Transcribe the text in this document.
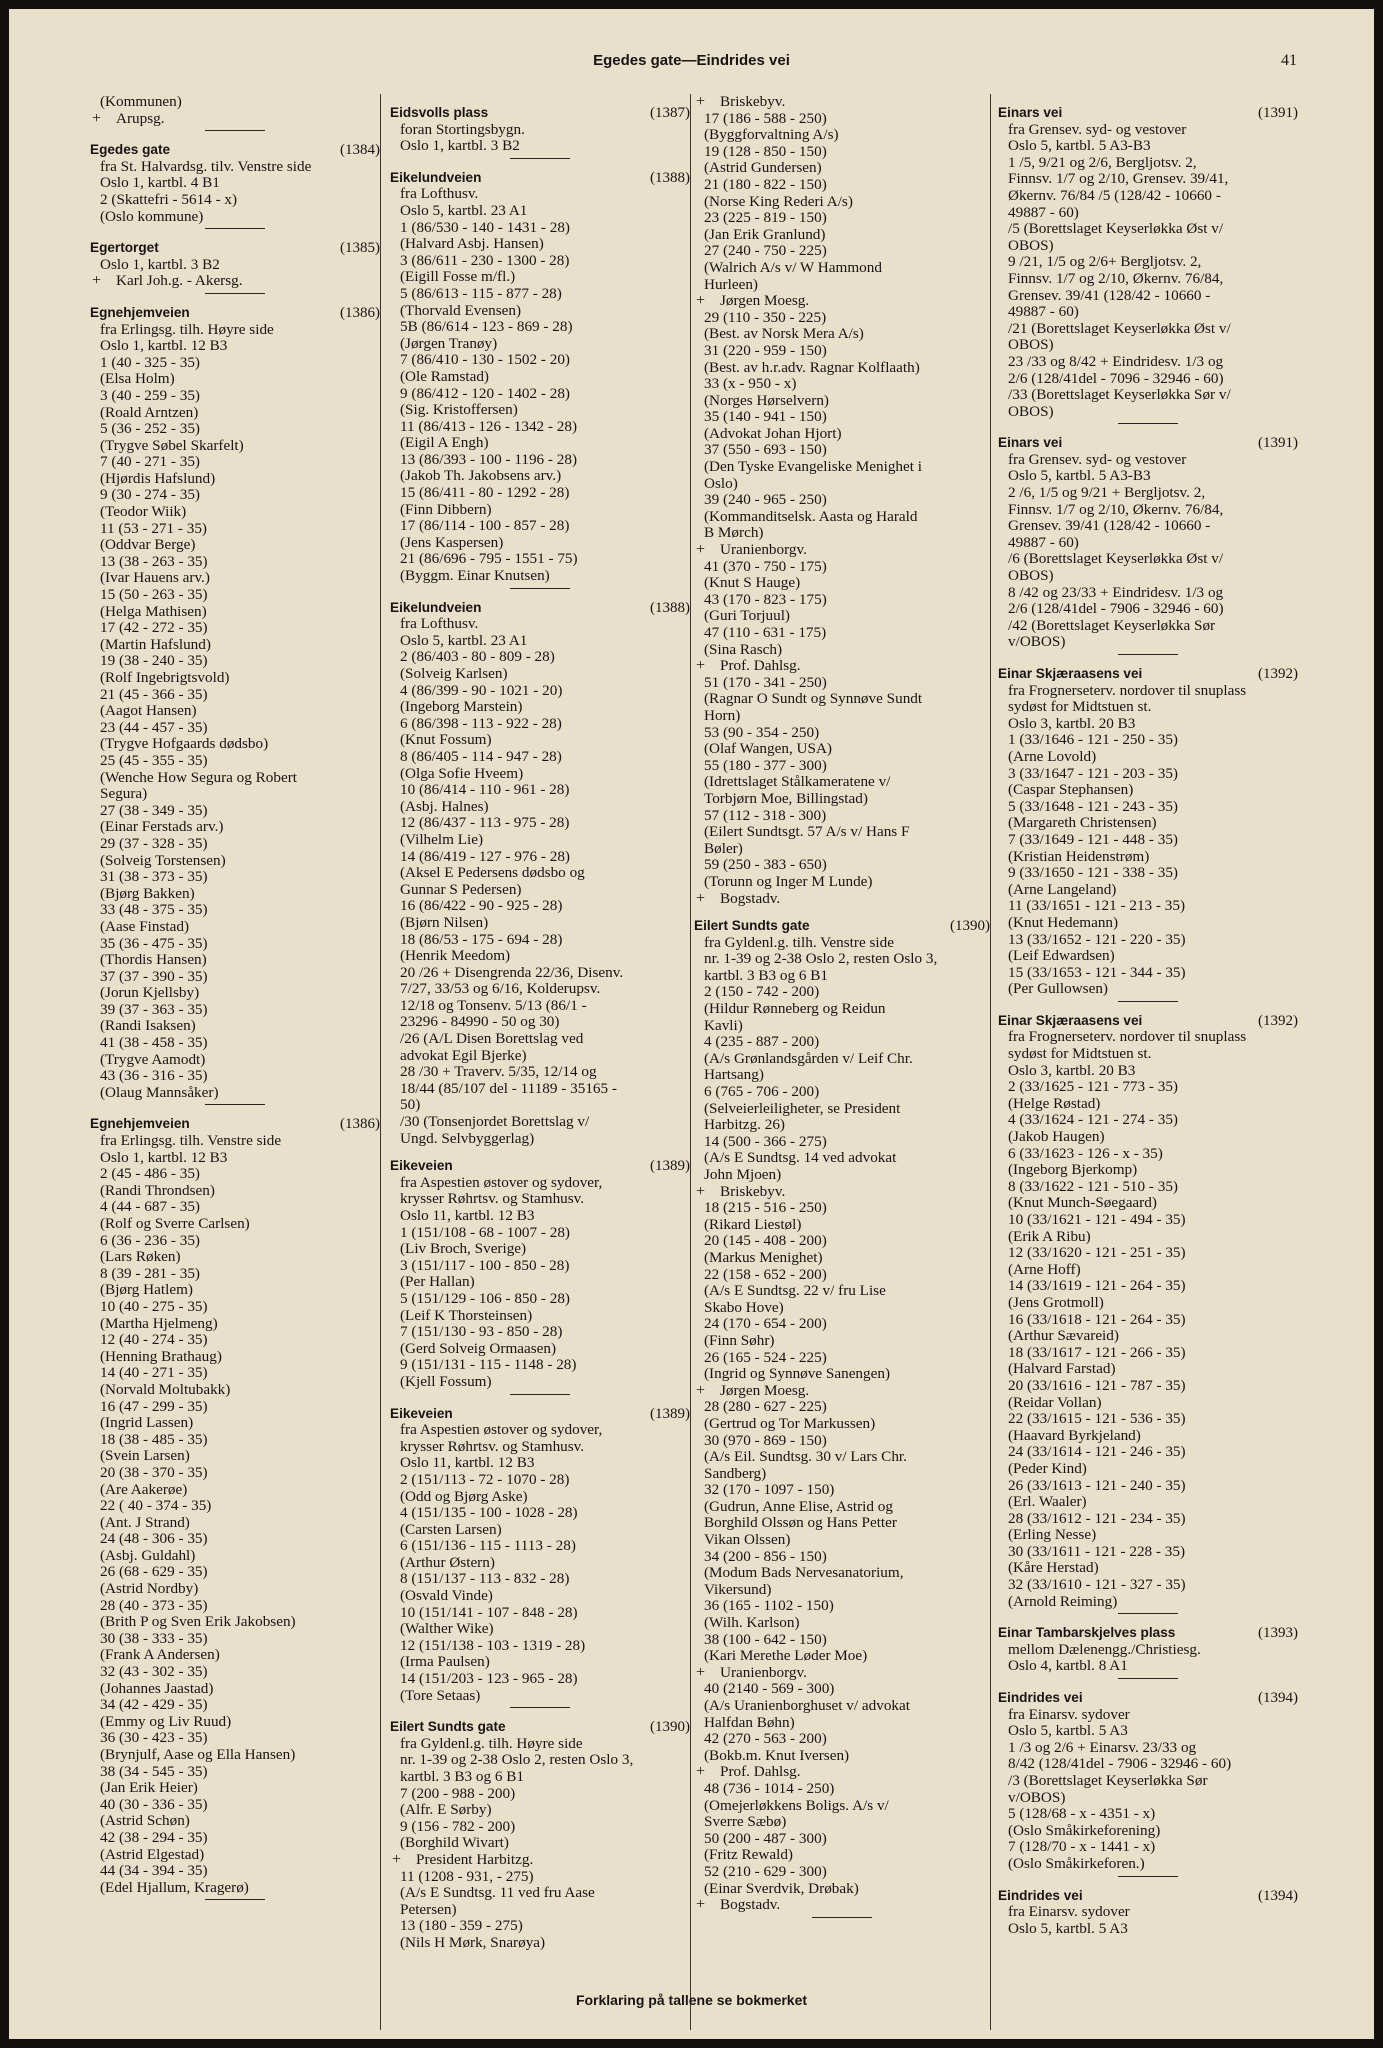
Egedes gate—Eindrides vei	41
(Kommunen)
+ Arupsg.
Egedes gate	(1384)
fra St. Halvardsg. tilv. Venstre side
Oslo 1, kartbl. 4 B1
2 (Skattefri - 5614 - x)
(Oslo kommune)
Egertorget	(1385)
Oslo 1, kartbl. 3 B2
+ Karl Joh.g. - Akersg.
Egnehjemveien	(1386)
fra Erlingsg. tilh. Høyre side
Oslo 1, kartbl. 12 B3
1 (40 - 325 - 35)
(Elsa Holm)
3 (40 - 259 - 35)
(Roald Arntzen)
5 (36 - 252 - 35)
(Trygve Søbel Skarfelt)
7 (40 - 271 - 35)
(Hjørdis Hafslund)
9 (30 - 274 - 35)
(Teodor Wiik)
11 (53 - 271 - 35)
(Oddvar Berge)
13 (38 - 263 - 35)
(Ivar Hauens arv.)
15 (50 - 263 - 35)
(Helga Mathisen)
17 (42 - 272 - 35)
(Martin Hafslund)
19 (38 - 240 - 35)
(Rolf Ingebrigtsvold)
21 (45 - 366 - 35)
(Aagot Hansen)
23 (44 - 457 - 35)
(Trygve Hofgaards dødsbo)
25 (45 - 355 - 35)
(Wenche How Segura og Robert
Segura)
27 (38 - 349 - 35)
(Einar Ferstads arv.)
29 (37 - 328 - 35)
(Solveig Torstensen)
31 (38 - 373 - 35)
(Bjørg Bakken)
33 (48 - 375 - 35)
(Aase Finstad)
35 (36 - 475 - 35)
(Thordis Hansen)
37 (37 - 390 - 35)
(Jorun Kjellsby)
39 (37 - 363 - 35)
(Randi Isaksen)
41 (38 - 458 - 35)
(Trygve Aamodt)
43 (36 - 316 - 35)
(Olaug Mannsåker)
Egnehjemveien	(1386)
fra Erlingsg. tilh. Venstre side
Oslo 1, kartbl. 12 B3
2 (45 - 486 - 35)
(Randi Throndsen)
4 (44 - 687 - 35)
(Rolf og Sverre Carlsen)
6 (36 - 236 - 35)
(Lars Røken)
8 (39 - 281 - 35)
(Bjørg Hatlem)
10 (40 - 275 - 35)
(Martha Hjelmeng)
12 (40 - 274 - 35)
(Henning Brathaug)
14 (40 - 271 - 35)
(Norvald Moltubakk)
16 (47 - 299 - 35)
(Ingrid Lassen)
18 (38 - 485 - 35)
(Svein Larsen)
20 (38 - 370 - 35)
(Are Aakerøe)
22 ( 40 - 374 - 35)
(Ant. J Strand)
24 (48 - 306 - 35)
(Asbj. Guldahl)
26 (68 - 629 - 35)
(Astrid Nordby)
28 (40 - 373 - 35)
(Brith P og Sven Erik Jakobsen)
30 (38 - 333 - 35)
(Frank A Andersen)
32 (43 - 302 - 35)
(Johannes Jaastad)
34 (42 - 429 - 35)
(Emmy og Liv Ruud)
36 (30 - 423 - 35)
(Brynjulf, Aase og Ella Hansen)
38 (34 - 545 - 35)
(Jan Erik Heier)
40 (30 - 336 - 35)
(Astrid Schøn)
42 (38 - 294 - 35)
(Astrid Elgestad)
44 (34 - 394 - 35)
(Edel Hjallum, Kragerø)
Eidsvolls plass	(1387)
foran Stortingsbygn.
Oslo 1, kartbl. 3 B2
Eikelundveien	(1388)
fra Lofthusv.
Oslo 5, kartbl. 23 A1
1 (86/530 - 140 - 1431 - 28)
(Halvard Asbj. Hansen)
3 (86/611 - 230 - 1300 - 28)
(Eigill Fosse m/fl.)
5 (86/613 - 115 - 877 - 28)
(Thorvald Evensen)
5B (86/614 - 123 - 869 - 28)
(Jørgen Tranøy)
7 (86/410 - 130 - 1502 - 20)
(Ole Ramstad)
9 (86/412 - 120 - 1402 - 28)
(Sig. Kristoffersen)
11 (86/413 - 126 - 1342 - 28)
(Eigil A Engh)
13 (86/393 - 100 - 1196 - 28)
(Jakob Th. Jakobsens arv.)
15 (86/411 - 80 - 1292 - 28)
(Finn Dibbern)
17 (86/114 - 100 - 857 - 28)
(Jens Kaspersen)
21 (86/696 - 795 - 1551 - 75)
(Byggm. Einar Knutsen)
Eikelundveien	(1388)
fra Lofthusv.
Oslo 5, kartbl. 23 A1
2 (86/403 - 80 - 809 - 28)
(Solveig Karlsen)
4 (86/399 - 90 - 1021 - 20)
(Ingeborg Marstein)
6 (86/398 - 113 - 922 - 28)
(Knut Fossum)
8 (86/405 - 114 - 947 - 28)
(Olga Sofie Hveem)
10 (86/414 - 110 - 961 - 28)
(Asbj. Halnes)
12 (86/437 - 113 - 975 - 28)
(Vilhelm Lie)
14 (86/419 - 127 - 976 - 28)
(Aksel E Pedersens dødsbo og
Gunnar S Pedersen)
16 (86/422 - 90 - 925 - 28)
(Bjørn Nilsen)
18 (86/53 - 175 - 694 - 28)
(Henrik Meedom)
20 /26 + Disengrenda 22/36, Disenv.
7/27, 33/53 og 6/16, Kolderupsv.
12/18 og Tonsenv. 5/13 (86/1 -
23296 - 84990 - 50 og 30)
/26 (A/L Disen Borettslag ved
advokat Egil Bjerke)
28 /30 + Traverv. 5/35, 12/14 og
18/44 (85/107 del - 11189 - 35165 -
50)
/30 (Tonsenjordet Borettslag v/
Ungd. Selvbyggerlag)
Eikeveien	(1389)
fra Aspestien østover og sydover,
krysser Røhrtsv. og Stamhusv.
Oslo 11, kartbl. 12 B3
1 (151/108 - 68 - 1007 - 28)
(Liv Broch, Sverige)
3 (151/117 - 100 - 850 - 28)
(Per Hallan)
5 (151/129 - 106 - 850 - 28)
(Leif K Thorsteinsen)
7 (151/130 - 93 - 850 - 28)
(Gerd Solveig Ormaasen)
9 (151/131 - 115 - 1148 - 28)
(Kjell Fossum)
Eikeveien	(1389)
fra Aspestien østover og sydover,
krysser Røhrtsv. og Stamhusv.
Oslo 11, kartbl. 12 B3
2 (151/113 - 72 - 1070 - 28)
(Odd og Bjørg Aske)
4 (151/135 - 100 - 1028 - 28)
(Carsten Larsen)
6 (151/136 - 115 - 1113 - 28)
(Arthur Østern)
8 (151/137 - 113 - 832 - 28)
(Osvald Vinde)
10 (151/141 - 107 - 848 - 28)
(Walther Wike)
12 (151/138 - 103 - 1319 - 28)
(Irma Paulsen)
14 (151/203 - 123 - 965 - 28)
(Tore Setaas)
Eilert Sundts gate	(1390)
fra Gyldenl.g. tilh. Høyre side
nr. 1-39 og 2-38 Oslo 2, resten Oslo 3,
kartbl. 3 B3 og 6 B1
7 (200 - 988 - 200)
(Alfr. E Sørby)
9 (156 - 782 - 200)
(Borghild Wivart)
+ President Harbitzg.
11 (1208 - 931, - 275)
(A/s E Sundtsg. 11 ved fru Aase
Petersen)
13 (180 - 359 - 275)
(Nils H Mørk, Snarøya)
+ Briskebyv.
17 (186 - 588 - 250)
(Byggforvaltning A/s)
19 (128 - 850 - 150)
(Astrid Gundersen)
21 (180 - 822 - 150)
(Norse King Rederi A/s)
23 (225 - 819 - 150)
(Jan Erik Granlund)
27 (240 - 750 - 225)
(Walrich A/s v/ W Hammond
Hurleen)
+ Jørgen Moesg.
29 (110 - 350 - 225)
(Best. av Norsk Mera A/s)
31 (220 - 959 - 150)
(Best. av h.r.adv. Ragnar Kolflaath)
33 (x - 950 - x)
(Norges Hørselvern)
35 (140 - 941 - 150)
(Advokat Johan Hjort)
37 (550 - 693 - 150)
(Den Tyske Evangeliske Menighet i
Oslo)
39 (240 - 965 - 250)
(Kommanditselsk. Aasta og Harald
B Mørch)
+ Uranienborgv.
41 (370 - 750 - 175)
(Knut S Hauge)
43 (170 - 823 - 175)
(Guri Torjuul)
47 (110 - 631 - 175)
(Sina Rasch)
+ Prof. Dahlsg.
51 (170 - 341 - 250)
(Ragnar O Sundt og Synnøve Sundt
Horn)
53 (90 - 354 - 250)
(Olaf Wangen, USA)
55 (180 - 377 - 300)
(Idrettslaget Stålkameratene v/
Torbjørn Moe, Billingstad)
57 (112 - 318 - 300)
(Eilert Sundtsgt. 57 A/s v/ Hans F
Bøler)
59 (250 - 383 - 650)
(Torunn og Inger M Lunde)
+ Bogstadv.
Eilert Sundts gate	(1390)
fra Gyldenl.g. tilh. Venstre side
nr. 1-39 og 2-38 Oslo 2, resten Oslo 3,
kartbl. 3 B3 og 6 B1
2 (150 - 742 - 200)
(Hildur Rønneberg og Reidun
Kavli)
4 (235 - 887 - 200)
(A/s Grønlandsgården v/ Leif Chr.
Hartsang)
6 (765 - 706 - 200)
(Selveierleiligheter, se President
Harbitzg. 26)
14 (500 - 366 - 275)
(A/s E Sundtsg. 14 ved advokat
John Mjoen)
+ Briskebyv.
18 (215 - 516 - 250)
(Rikard Liestøl)
20 (145 - 408 - 200)
(Markus Menighet)
22 (158 - 652 - 200)
(A/s E Sundtsg. 22 v/ fru Lise
Skabo Hove)
24 (170 - 654 - 200)
(Finn Søhr)
26 (165 - 524 - 225)
(Ingrid og Synnøve Sanengen)
+ Jørgen Moesg.
28 (280 - 627 - 225)
(Gertrud og Tor Markussen)
30 (970 - 869 - 150)
(A/s Eil. Sundtsg. 30 v/ Lars Chr.
Sandberg)
32 (170 - 1097 - 150)
(Gudrun, Anne Elise, Astrid og
Borghild Olssøn og Hans Petter
Vikan Olssen)
34 (200 - 856 - 150)
(Modum Bads Nervesanatorium,
Vikersund)
36 (165 - 1102 - 150)
(Wilh. Karlson)
38 (100 - 642 - 150)
(Kari Merethe Løder Moe)
+ Uranienborgv.
40 (2140 - 569 - 300)
(A/s Uranienborghuset v/ advokat
Halfdan Bøhn)
42 (270 - 563 - 200)
(Bokb.m. Knut Iversen)
+ Prof. Dahlsg.
48 (736 - 1014 - 250)
(Omejerløkkens Boligs. A/s v/
Sverre Sæbø)
50 (200 - 487 - 300)
(Fritz Rewald)
52 (210 - 629 - 300)
(Einar Sverdvik, Drøbak)
+ Bogstadv.
Einars vei	(1391)
fra Grensev. syd- og vestover
Oslo 5, kartbl. 5 A3-B3
1 /5, 9/21 og 2/6, Bergljotsv. 2,
Finnsv. 1/7 og 2/10, Grensev. 39/41,
Økernv. 76/84 /5 (128/42 - 10660 -
49887 - 60)
/5 (Borettslaget Keyserløkka Øst v/
OBOS)
9 /21, 1/5 og 2/6+ Bergljotsv. 2,
Finnsv. 1/7 og 2/10, Økernv. 76/84,
Grensev. 39/41 (128/42 - 10660 -
49887 - 60)
/21 (Borettslaget Keyserløkka Øst v/
OBOS)
23 /33 og 8/42 + Eindridesv. 1/3 og
2/6 (128/41del - 7096 - 32946 - 60)
/33 (Borettslaget Keyserløkka Sør v/
OBOS)
Einars vei	(1391)
fra Grensev. syd- og vestover
Oslo 5, kartbl. 5 A3-B3
2 /6, 1/5 og 9/21 + Bergljotsv. 2,
Finnsv. 1/7 og 2/10, Økernv. 76/84,
Grensev. 39/41 (128/42 - 10660 -
49887 - 60)
/6 (Borettslaget Keyserløkka Øst v/
OBOS)
8 /42 og 23/33 + Eindridesv. 1/3 og
2/6 (128/41del - 7906 - 32946 - 60)
/42 (Borettslaget Keyserløkka Sør
v/OBOS)
Einar Skjæraasens vei	(1392)
fra Frognerseterv. nordover til snuplass
sydøst for Midtstuen st.
Oslo 3, kartbl. 20 B3
1 (33/1646 - 121 - 250 - 35)
(Arne Lovold)
3 (33/1647 - 121 - 203 - 35)
(Caspar Stephansen)
5 (33/1648 - 121 - 243 - 35)
(Margareth Christensen)
7 (33/1649 - 121 - 448 - 35)
(Kristian Heidenstrøm)
9 (33/1650 - 121 - 338 - 35)
(Arne Langeland)
11 (33/1651 - 121 - 213 - 35)
(Knut Hedemann)
13 (33/1652 - 121 - 220 - 35)
(Leif Edwardsen)
15 (33/1653 - 121 - 344 - 35)
(Per Gullowsen)
Einar Skjæraasens vei	(1392)
fra Frognerseterv. nordover til snuplass
sydøst for Midtstuen st.
Oslo 3, kartbl. 20 B3
2 (33/1625 - 121 - 773 - 35)
(Helge Røstad)
4 (33/1624 - 121 - 274 - 35)
(Jakob Haugen)
6 (33/1623 - 126 - x - 35)
(Ingeborg Bjerkomp)
8 (33/1622 - 121 - 510 - 35)
(Knut Munch-Søegaard)
10 (33/1621 - 121 - 494 - 35)
(Erik A Ribu)
12 (33/1620 - 121 - 251 - 35)
(Arne Hoff)
14 (33/1619 - 121 - 264 - 35)
(Jens Grotmoll)
16 (33/1618 - 121 - 264 - 35)
(Arthur Sævareid)
18 (33/1617 - 121 - 266 - 35)
(Halvard Farstad)
20 (33/1616 - 121 - 787 - 35)
(Reidar Vollan)
22 (33/1615 - 121 - 536 - 35)
(Haavard Byrkjeland)
24 (33/1614 - 121 - 246 - 35)
(Peder Kind)
26 (33/1613 - 121 - 240 - 35)
(Erl. Waaler)
28 (33/1612 - 121 - 234 - 35)
(Erling Nesse)
30 (33/1611 - 121 - 228 - 35)
(Kåre Herstad)
32 (33/1610 - 121 - 327 - 35)
(Arnold Reiming)
Einar Tambarskjelves plass	(1393)
mellom Dælenengg./Christiesg.
Oslo 4, kartbl. 8 A1
Eindrides vei	(1394)
fra Einarsv. sydover
Oslo 5, kartbl. 5 A3
1 /3 og 2/6 + Einarsv. 23/33 og
8/42 (128/41del - 7906 - 32946 - 60)
/3 (Borettslaget Keyserløkka Sør
v/OBOS)
5 (128/68 - x - 4351 - x)
(Oslo Småkirkeforening)
7 (128/70 - x - 1441 - x)
(Oslo Småkirkeforen.)
Eindrides vei	(1394)
fra Einarsv. sydover
Oslo 5, kartbl. 5 A3
Forklaring på tallene se bokmerket
